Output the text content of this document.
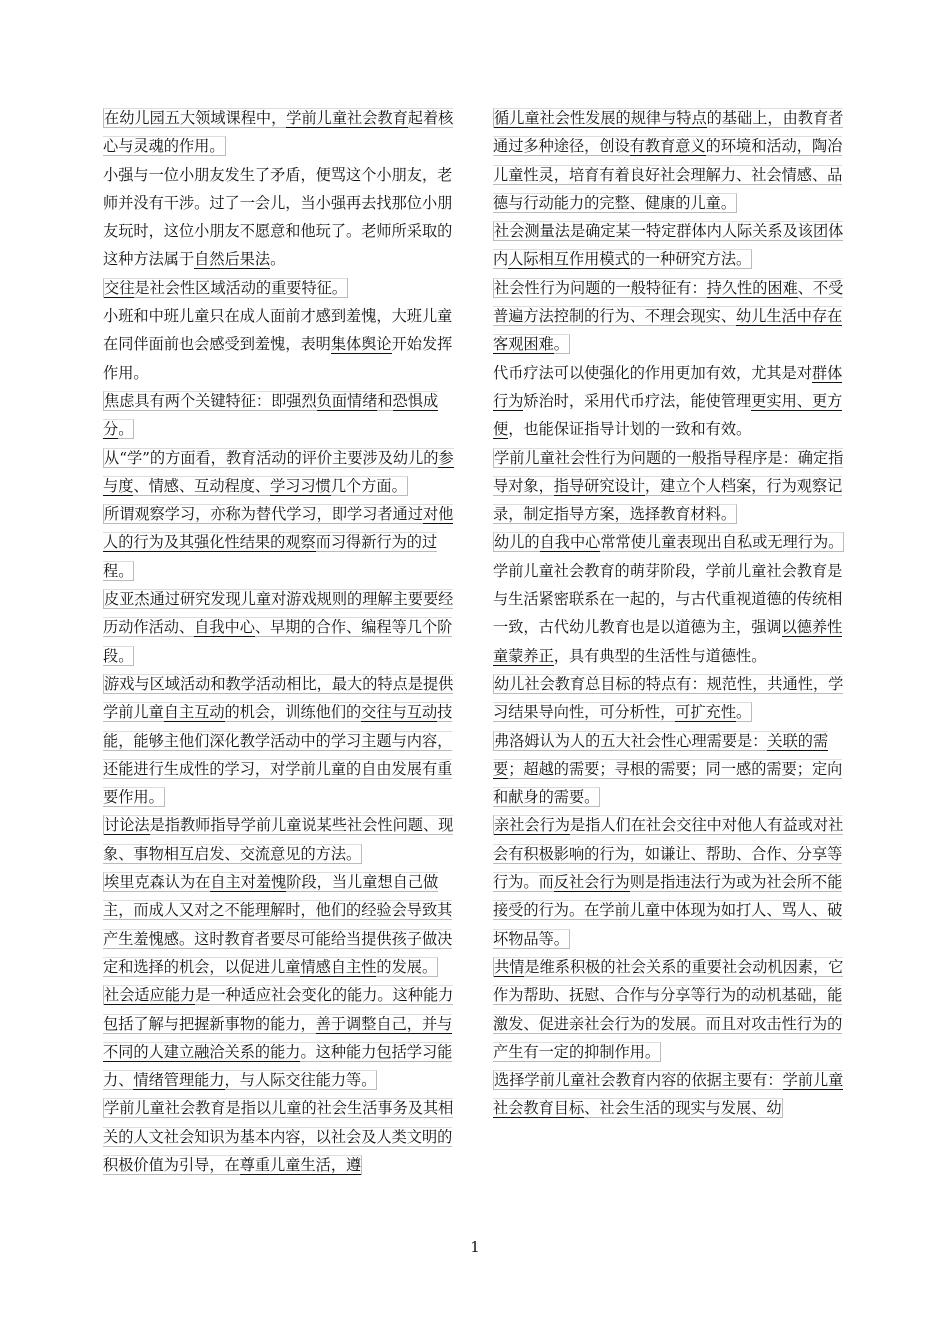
在幼儿园五大领域课程中，学前儿童社会教育起着核心与灵魂的作用。

小强与一位小朋友发生了矛盾，便骂这个小朋友，老师并没有干涉。过了一会儿，当小强再去找那位小朋友玩时，这位小朋友不愿意和他玩了。老师所采取的这种方法属于自然后果法。

交往是社会性区域活动的重要特征。

小班和中班儿童只在成人面前才感到羞愧，大班儿童在同伴面前也会感受到羞愧，表明集体舆论开始发挥作用。

焦虑具有两个关键特征：即强烈负面情绪和恐惧成分。

从“学”的方面看，教育活动的评价主要涉及幼儿的参与度、情感、互动程度、学习习惯几个方面。

所谓观察学习，亦称为替代学习，即学习者通过对他人的行为及其强化性结果的观察而习得新行为的过程。

皮亚杰通过研究发现儿童对游戏规则的理解主要要经历动作活动、自我中心、早期的合作、编程等几个阶段。

游戏与区域活动和教学活动相比，最大的特点是提供学前儿童自主互动的机会，训练他们的交往与互动技能，能够主他们深化教学活动中的学习主题与内容，还能进行生成性的学习，对学前儿童的自由发展有重要作用。

讨论法是指教师指导学前儿童说某些社会性问题、现象、事物相互启发、交流意见的方法。

埃里克森认为在自主对羞愧阶段，当儿童想自己做主，而成人又对之不能理解时，他们的经验会导致其产生羞愧感。这时教育者要尽可能给当提供孩子做决定和选择的机会，以促进儿童情感自主性的发展。

社会适应能力是一种适应社会变化的能力。这种能力包括了解与把握新事物的能力，善于调整自己，并与不同的人建立融洽关系的能力。这种能力包括学习能力、情绪管理能力，与人际交往能力等。

学前儿童社会教育是指以儿童的社会生活事务及其相关的人文社会知识为基本内容，以社会及人类文明的积极价值为引导，在尊重儿童生活，遵

循儿童社会性发展的规律与特点的基础上，由教育者通过多种途径，创设有教育意义的环境和活动，陶冶儿童性灵，培育有着良好社会理解力、社会情感、品德与行动能力的完整、健康的儿童。

社会测量法是确定某一特定群体内人际关系及该团体内人际相互作用模式的一种研究方法。

社会性行为问题的一般特征有：持久性的困难、不受普遍方法控制的行为、不理会现实、幼儿生活中存在客观困难。

代币疗法可以使强化的作用更加有效，尤其是对群体行为矫治时，采用代币疗法，能使管理更实用、更方便，也能保证指导计划的一致和有效。

学前儿童社会性行为问题的一般指导程序是：确定指导对象，指导研究设计，建立个人档案，行为观察记录，制定指导方案，选择教育材料。

幼儿的自我中心常常使儿童表现出自私或无理行为。

学前儿童社会教育的萌芽阶段，学前儿童社会教育是与生活紧密联系在一起的，与古代重视道德的传统相一致，古代幼儿教育也是以道德为主，强调以德养性 童蒙养正，具有典型的生活性与道德性。

幼儿社会教育总目标的特点有：规范性，共通性，学习结果导向性，可分析性，可扩充性。

弗洛姆认为人的五大社会性心理需要是：关联的需要；超越的需要；寻根的需要；同一感的需要；定向和献身的需要。

亲社会行为是指人们在社会交往中对他人有益或对社会有积极影响的行为，如谦让、帮助、合作、分享等行为。而反社会行为则是指违法行为或为社会所不能接受的行为。在学前儿童中体现为如打人、骂人、破坏物品等。

共情是维系积极的社会关系的重要社会动机因素，它作为帮助、抚慰、合作与分享等行为的动机基础，能激发、促进亲社会行为的发展。而且对攻击性行为的产生有一定的抑制作用。

选择学前儿童社会教育内容的依据主要有：学前儿童社会教育目标、社会生活的现实与发展、幼

1
